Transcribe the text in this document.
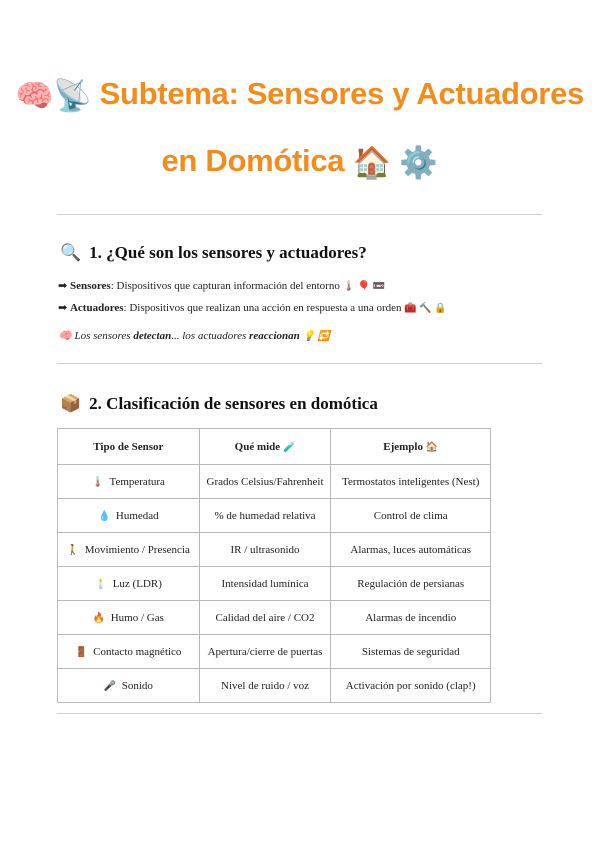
🧠📡 Subtema: Sensores y Actuadores
en Domótica 🏠 ⚙️
🔍 1. ¿Qué son los sensores y actuadores?
➡ Sensores: Dispositivos que capturan información del entorno 🌡️ 🎈 📼
➡ Actuadores: Dispositivos que realizan una acción en respuesta a una orden 🧰 🔨 🔒
🧠 Los sensores detectan... los actuadores reaccionan 💡 🔁
📦 2. Clasificación de sensores en domótica
Tipo de Sensor	Qué mide 🧪	Ejemplo 🏠
🌡️ Temperatura	Grados Celsius/Fahrenheit	Termostatos inteligentes (Nest)
💧 Humedad	% de humedad relativa	Control de clima
🚶 Movimiento / Presencia	IR / ultrasonido	Alarmas, luces automáticas
🕯️ Luz (LDR)	Intensidad lumínica	Regulación de persianas
🔥 Humo / Gas	Calidad del aire / CO2	Alarmas de incendio
🚪 Contacto magnético	Apertura/cierre de puertas	Sistemas de seguridad
🎤 Sonido	Nivel de ruido / voz	Activación por sonido (clap!)
